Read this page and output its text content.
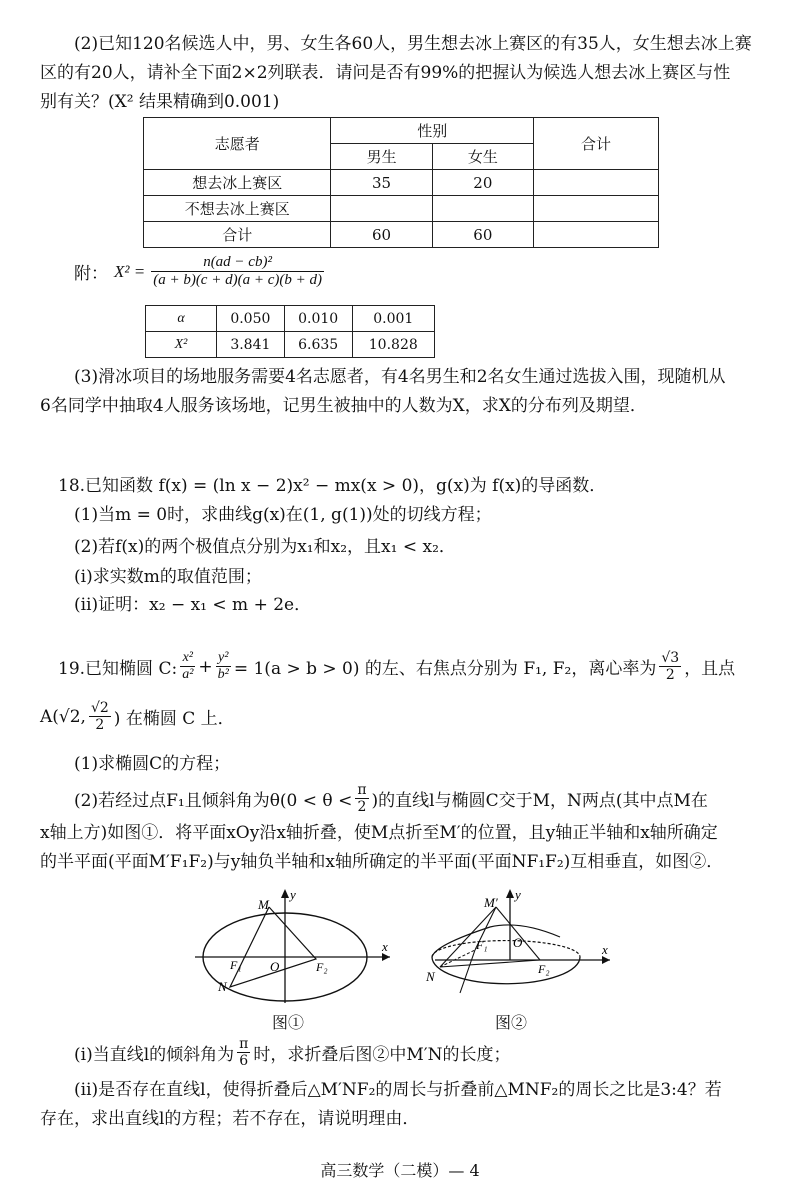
(2)已知120名候选人中，男、女生各60人，男生想去冰上赛区的有35人，女生想去冰上赛
区的有20人，请补全下面2×2列联表．请问是否有99%的把握认为候选人想去冰上赛区与性
别有关？(X² 结果精确到0.001)
志愿者	性别		合计
	男生	女生	
想去冰上赛区	35	20	
不想去冰上赛区			
合计	60	60	
附： $X^2 = \frac{\text{n(ad − cb)²}}{(a + b)(c + d)(a + c)(b + d)}$
α	0.050	0.010	0.001
X²	3.841	6.635	10.828
(3)滑冰项目的场地服务需要4名志愿者，有4名男生和2名女生通过选拔入围，现随机从
6名同学中抽取4人服务该场地，记男生被抽中的人数为X，求X的分布列及期望．
18.已知函数 f(x) = (ln x − 2)x² − mx(x > 0)，g(x)为 f(x)的导函数．
(1)当m = 0时，求曲线g(x)在(1, g(1))处的切线方程；
(2)若f(x)的两个极值点分别为x₁和x₂，且x₁ < x₂．
(ⅰ)求实数m的取值范围；
(ⅱ)证明：x₂ − x₁ < m + 2e．
19.已知椭圆 C: $\frac{\text{x²}}{\text{a²}} + \frac{\text{y²}}{\text{b²}} = 1(a > b > 0)$ 的左、右焦点分别为 F₁, F₂，离心率为 $\frac{√3}{2}$ ，且点
A(√2, $\frac{√2}{2}$ ) 在椭圆 C 上．
(1)求椭圆C的方程；
(2)若经过点F₁且倾斜角为$\theta(0 < \theta < \frac{\pi}{2}$ )的直线l与椭圆C交于M，N两点(其中点M在
x轴上方)如图①．将平面xOy沿x轴折叠，使M点折至M′的位置，且y轴正半轴和x轴所确定
的半平面(平面M′F₁F₂)与y轴负半轴和x轴所确定的半平面(平面NF₁F₂)互相垂直，如图②．
x
y
M
N
O
F₁	F₂
图①
x
y
M′
N
O
F₁
F₂
图②
(ⅰ)当直线l的倾斜角为 $\frac{\pi}{6}$ 时，求折叠后图②中M′N的长度；
(ⅱ)是否存在直线l，使得折叠后△M′NF₂的周长与折叠前△MNF₂的周长之比是3:4？若
存在，求出直线l的方程；若不存在，请说明理由．
高三数学（二模）— 4
